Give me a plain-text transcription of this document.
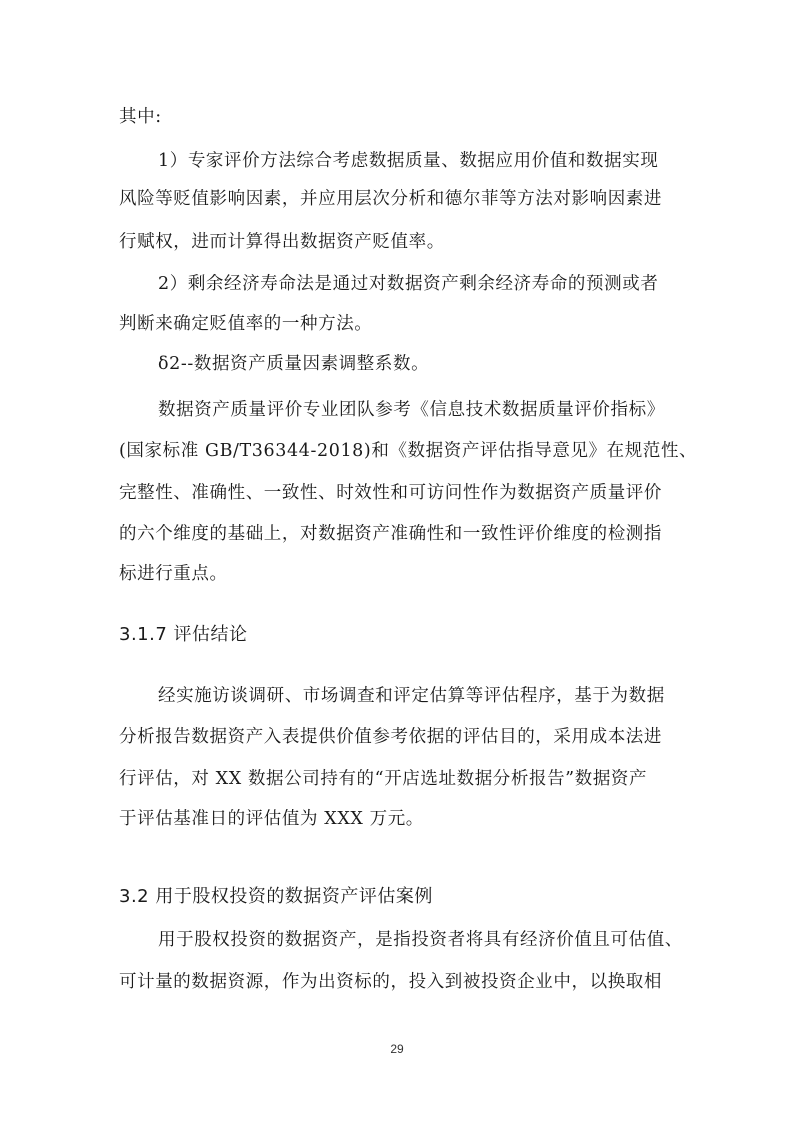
其中:
1）专家评价方法综合考虑数据质量、数据应用价值和数据实现
风险等贬值影响因素，并应用层次分析和德尔菲等方法对影响因素进
行赋权，进而计算得出数据资产贬值率。
2）剩余经济寿命法是通过对数据资产剩余经济寿命的预测或者
判断来确定贬值率的一种方法。
δ2--数据资产质量因素调整系数。
数据资产质量评价专业团队参考《信息技术数据质量评价指标》
(国家标准 GB/T36344-2018)和《数据资产评估指导意见》在规范性、
完整性、准确性、一致性、时效性和可访问性作为数据资产质量评价
的六个维度的基础上，对数据资产准确性和一致性评价维度的检测指
标进行重点。
3.1.7 评估结论
经实施访谈调研、市场调查和评定估算等评估程序，基于为数据
分析报告数据资产入表提供价值参考依据的评估目的，采用成本法进
行评估，对 XX 数据公司持有的“开店选址数据分析报告”数据资产
于评估基准日的评估值为 XXX 万元。
3.2 用于股权投资的数据资产评估案例
用于股权投资的数据资产，是指投资者将具有经济价值且可估值、
可计量的数据资源，作为出资标的，投入到被投资企业中，以换取相
29
